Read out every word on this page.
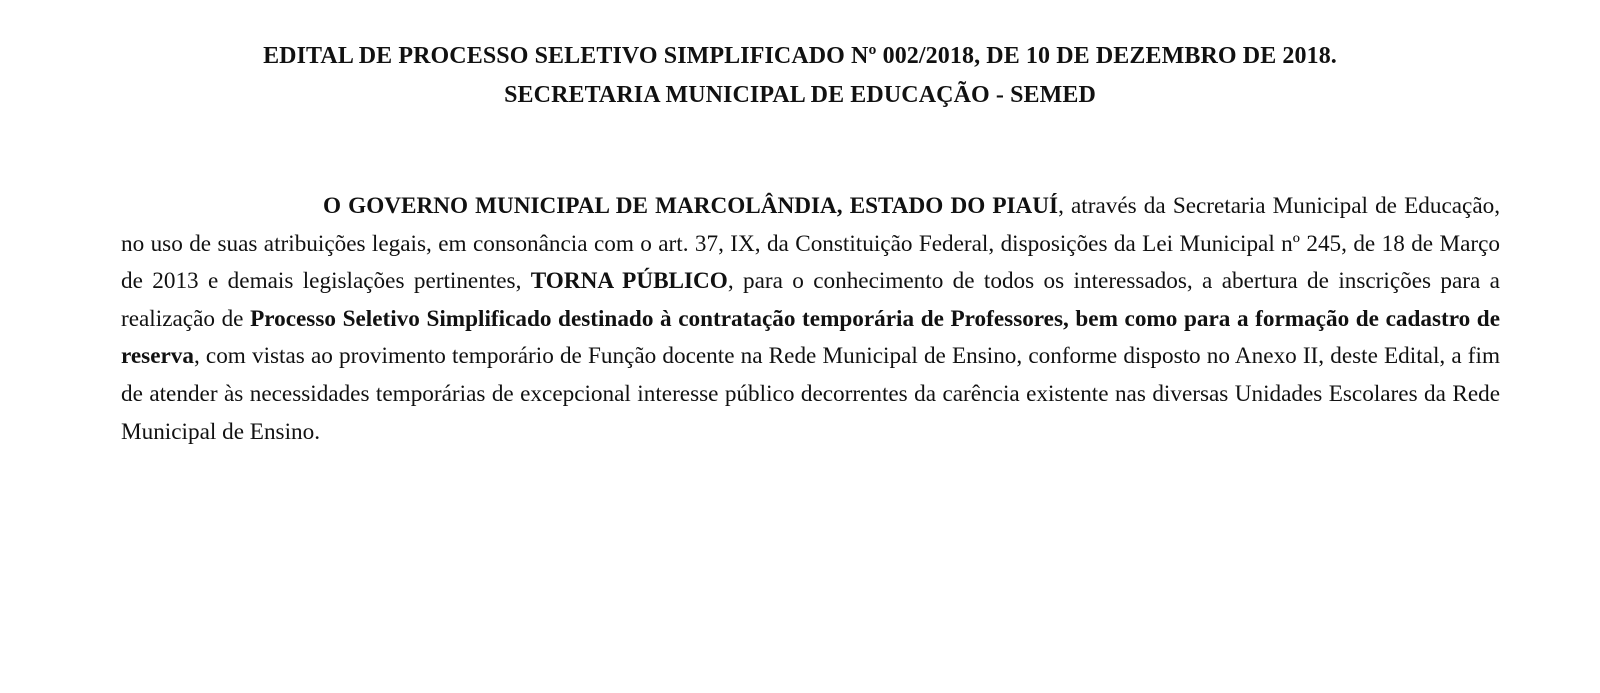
EDITAL DE PROCESSO SELETIVO SIMPLIFICADO Nº 002/2018, DE 10 DE DEZEMBRO DE 2018.
SECRETARIA MUNICIPAL DE EDUCAÇÃO - SEMED

O GOVERNO MUNICIPAL DE MARCOLÂNDIA, ESTADO DO PIAUÍ, através da Secretaria Municipal de Educação, no uso de suas atribuições legais, em consonância com o art. 37, IX, da Constituição Federal, disposições da Lei Municipal nº 245, de 18 de Março de 2013 e demais legislações pertinentes, TORNA PÚBLICO, para o conhecimento de todos os interessados, a abertura de inscrições para a realização de Processo Seletivo Simplificado destinado à contratação temporária de Professores, bem como para a formação de cadastro de reserva, com vistas ao provimento temporário de Função docente na Rede Municipal de Ensino, conforme disposto no Anexo II, deste Edital, a fim de atender às necessidades temporárias de excepcional interesse público decorrentes da carência existente nas diversas Unidades Escolares da Rede Municipal de Ensino.
